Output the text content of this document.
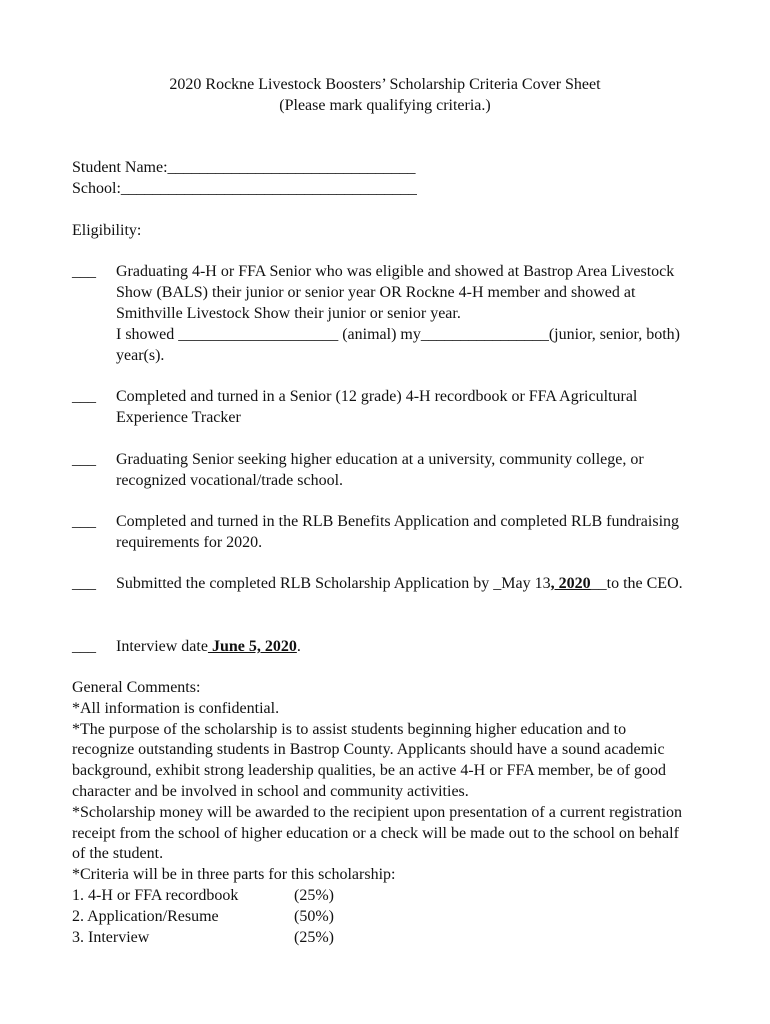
2020 Rockne Livestock Boosters’ Scholarship Criteria Cover Sheet
(Please mark qualifying criteria.)
Student Name:_______________________________
School:_____________________________________
Eligibility:
___ Graduating 4-H or FFA Senior who was eligible and showed at Bastrop Area Livestock Show (BALS) their junior or senior year OR Rockne 4-H member and showed at Smithville Livestock Show their junior or senior year.
I showed ____________________ (animal) my________________(junior, senior, both) year(s).
___ Completed and turned in a Senior (12 grade) 4-H recordbook or FFA Agricultural Experience Tracker
___ Graduating Senior seeking higher education at a university, community college, or recognized vocational/trade school.
___ Completed and turned in the RLB Benefits Application and completed RLB fundraising requirements for 2020.
___ Submitted the completed RLB Scholarship Application by _May 13, 2020__to the CEO.
___ Interview date June 5, 2020.
General Comments:
*All information is confidential.
*The purpose of the scholarship is to assist students beginning higher education and to recognize outstanding students in Bastrop County. Applicants should have a sound academic background, exhibit strong leadership qualities, be an active 4-H or FFA member, be of good character and be involved in school and community activities.
*Scholarship money will be awarded to the recipient upon presentation of a current registration receipt from the school of higher education or a check will be made out to the school on behalf of the student.
*Criteria will be in three parts for this scholarship:
1. 4-H or FFA recordbook	(25%)
2. Application/Resume	(50%)
3. Interview	(25%)
